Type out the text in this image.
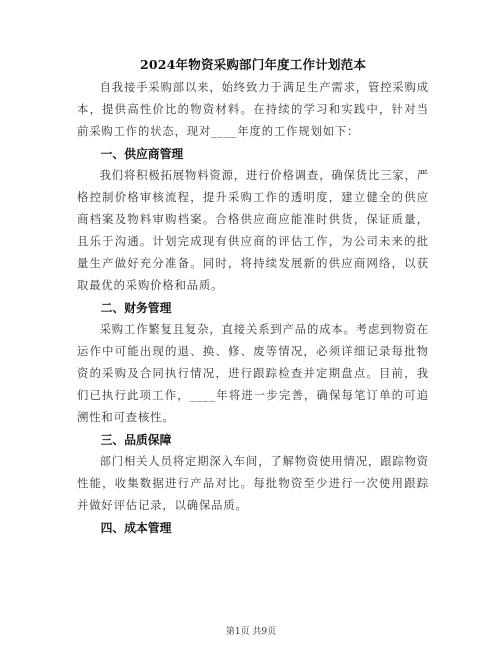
2024年物资采购部门年度工作计划范本

自我接手采购部以来，始终致力于满足生产需求，管控采购成本，提供高性价比的物资材料。在持续的学习和实践中，针对当前采购工作的状态，现对____年度的工作规划如下：

一、供应商管理

我们将积极拓展物料资源，进行价格调查，确保货比三家，严格控制价格审核流程，提升采购工作的透明度，建立健全的供应商档案及物料审购档案。合格供应商应能准时供货，保证质量，且乐于沟通。计划完成现有供应商的评估工作，为公司未来的批量生产做好充分准备。同时，将持续发展新的供应商网络，以获取最优的采购价格和品质。

二、财务管理

采购工作繁复且复杂，直接关系到产品的成本。考虑到物资在运作中可能出现的退、换、修、废等情况，必须详细记录每批物资的采购及合同执行情况，进行跟踪检查并定期盘点。目前，我们已执行此项工作，____年将进一步完善，确保每笔订单的可追溯性和可查核性。

三、品质保障

部门相关人员将定期深入车间，了解物资使用情况，跟踪物资性能，收集数据进行产品对比。每批物资至少进行一次使用跟踪并做好评估记录，以确保品质。

四、成本管理

第1页 共9页
